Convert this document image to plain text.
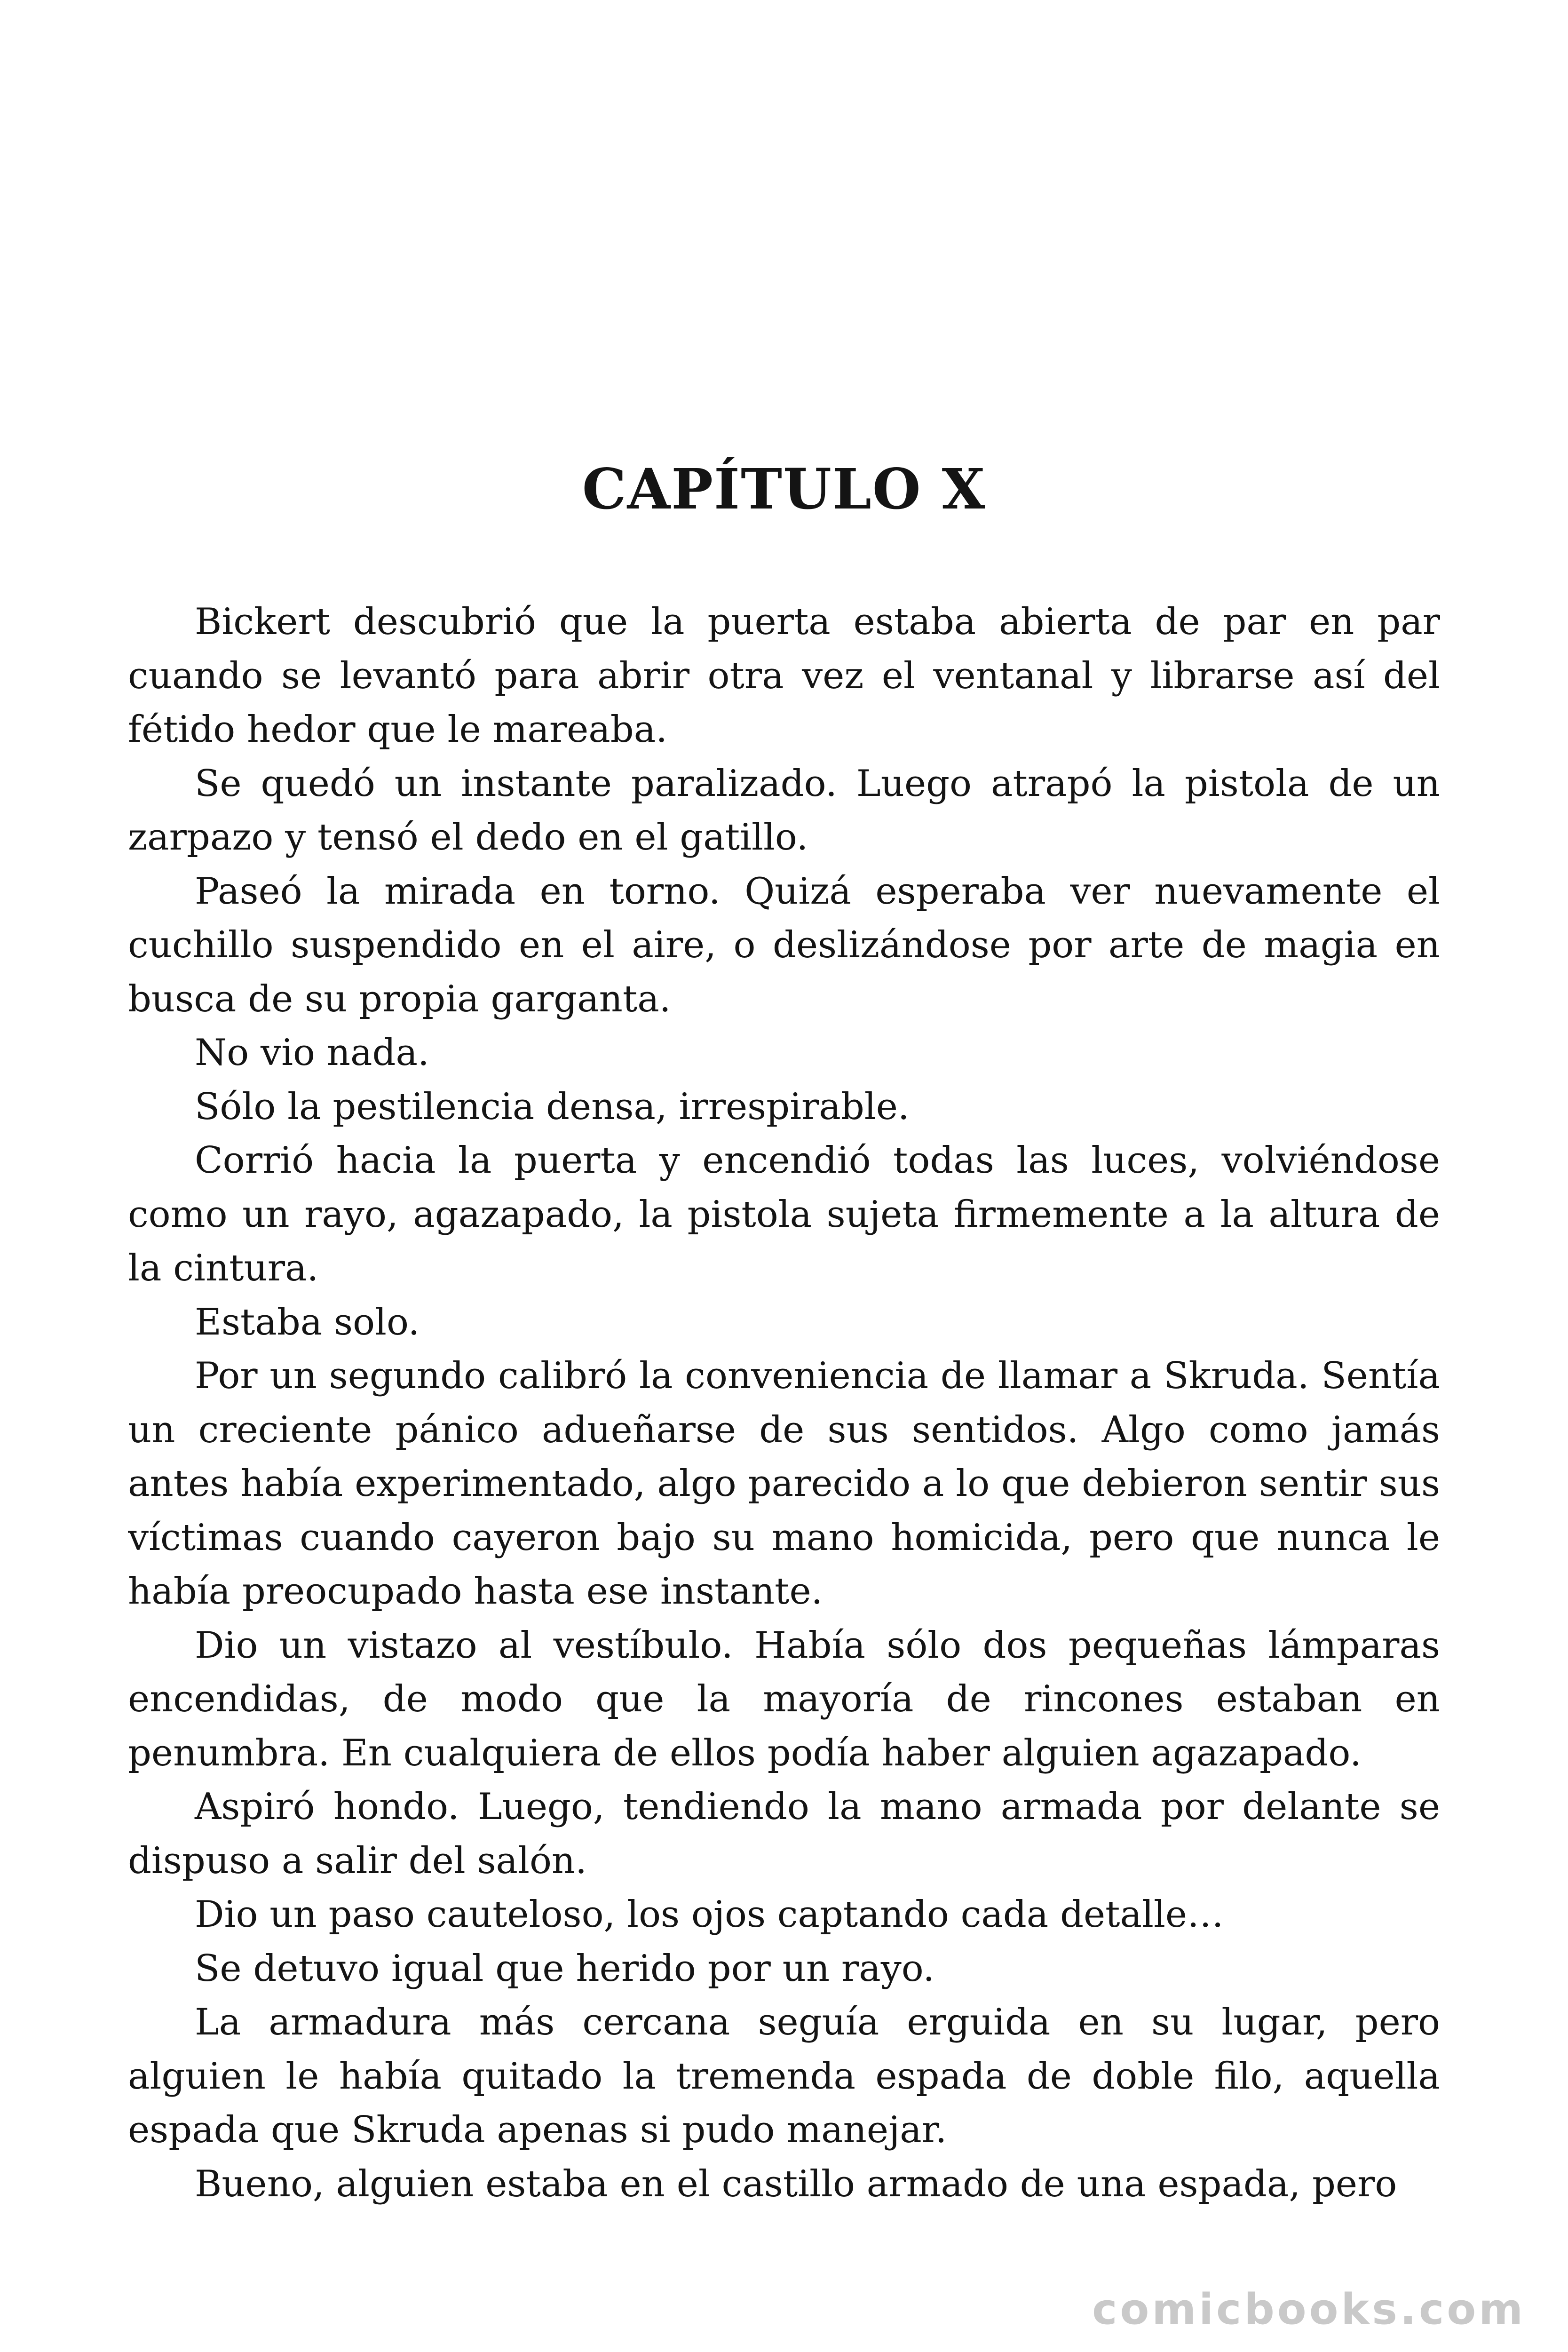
CAPÍTULO X

Bickert descubrió que la puerta estaba abierta de par en par cuando se levantó para abrir otra vez el ventanal y librarse así del fétido hedor que le mareaba.

Se quedó un instante paralizado. Luego atrapó la pistola de un zarpazo y tensó el dedo en el gatillo.

Paseó la mirada en torno. Quizá esperaba ver nuevamente el cuchillo suspendido en el aire, o deslizándose por arte de magia en busca de su propia garganta.

No vio nada.

Sólo la pestilencia densa, irrespirable.

Corrió hacia la puerta y encendió todas las luces, volviéndose como un rayo, agazapado, la pistola sujeta firmemente a la altura de la cintura.

Estaba solo.

Por un segundo calibró la conveniencia de llamar a Skruda. Sentía un creciente pánico adueñarse de sus sentidos. Algo como jamás antes había experimentado, algo parecido a lo que debieron sentir sus víctimas cuando cayeron bajo su mano homicida, pero que nunca le había preocupado hasta ese instante.

Dio un vistazo al vestíbulo. Había sólo dos pequeñas lámparas encendidas, de modo que la mayoría de rincones estaban en penumbra. En cualquiera de ellos podía haber alguien agazapado.

Aspiró hondo. Luego, tendiendo la mano armada por delante se dispuso a salir del salón.

Dio un paso cauteloso, los ojos captando cada detalle…

Se detuvo igual que herido por un rayo.

La armadura más cercana seguía erguida en su lugar, pero alguien le había quitado la tremenda espada de doble filo, aquella espada que Skruda apenas si pudo manejar.

Bueno, alguien estaba en el castillo armado de una espada, pero

comicbooks.com
